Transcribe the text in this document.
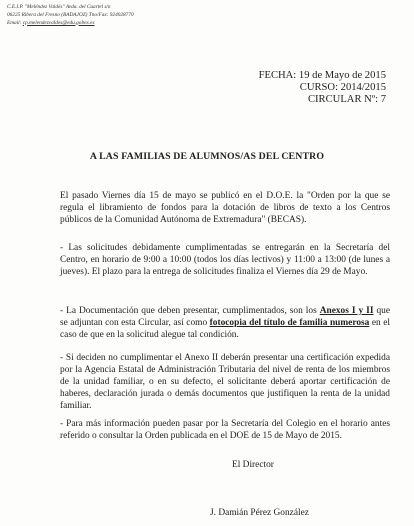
C.E.I.P. "Meléndez Valdés" Avda. del Cuartel s/n
06225 Ribera del Fresno (BADAJOZ) Tno/Fax: 924028770
Email: cp.melendezvaldes@edu.gobex.es
FECHA: 19 de Mayo de 2015
CURSO: 2014/2015
CIRCULAR Nº: 7
A LAS FAMILIAS DE ALUMNOS/AS DEL CENTRO
El pasado Viernes día 15 de mayo se publicó en el D.O.E. la "Orden por la que se regula el libramiento de fondos para la dotación de libros de texto a los Centros públicos de la Comunidad Autónoma de Extremadura" (BECAS).
- Las solicitudes debidamente cumplimentadas se entregarán en la Secretaría del Centro, en horario de 9:00 a 10:00 (todos los días lectivos) y 11:00 a 13:00 (de lunes a jueves). El plazo para la entrega de solicitudes finaliza el Viernes día 29 de Mayo.
- La Documentación que deben presentar, cumplimentados, son los Anexos I y II que se adjuntan con esta Circular, así como fotocopia del título de familia numerosa en el caso de que en la solicitud alegue tal condición.
- Si deciden no cumplimentar el Anexo II deberán presentar una certificación expedida por la Agencia Estatal de Administración Tributaria del nivel de renta de los miembros de la unidad familiar, o en su defecto, el solicitante deberá aportar certificación de haberes, declaración jurada o demás documentos que justifiquen la renta de la unidad familiar.
- Para más información pueden pasar por la Secretaría del Colegio en el horario antes referido o consultar la Orden publicada en el DOE de 15 de Mayo de 2015.
El Director
J. Damián Pérez González
